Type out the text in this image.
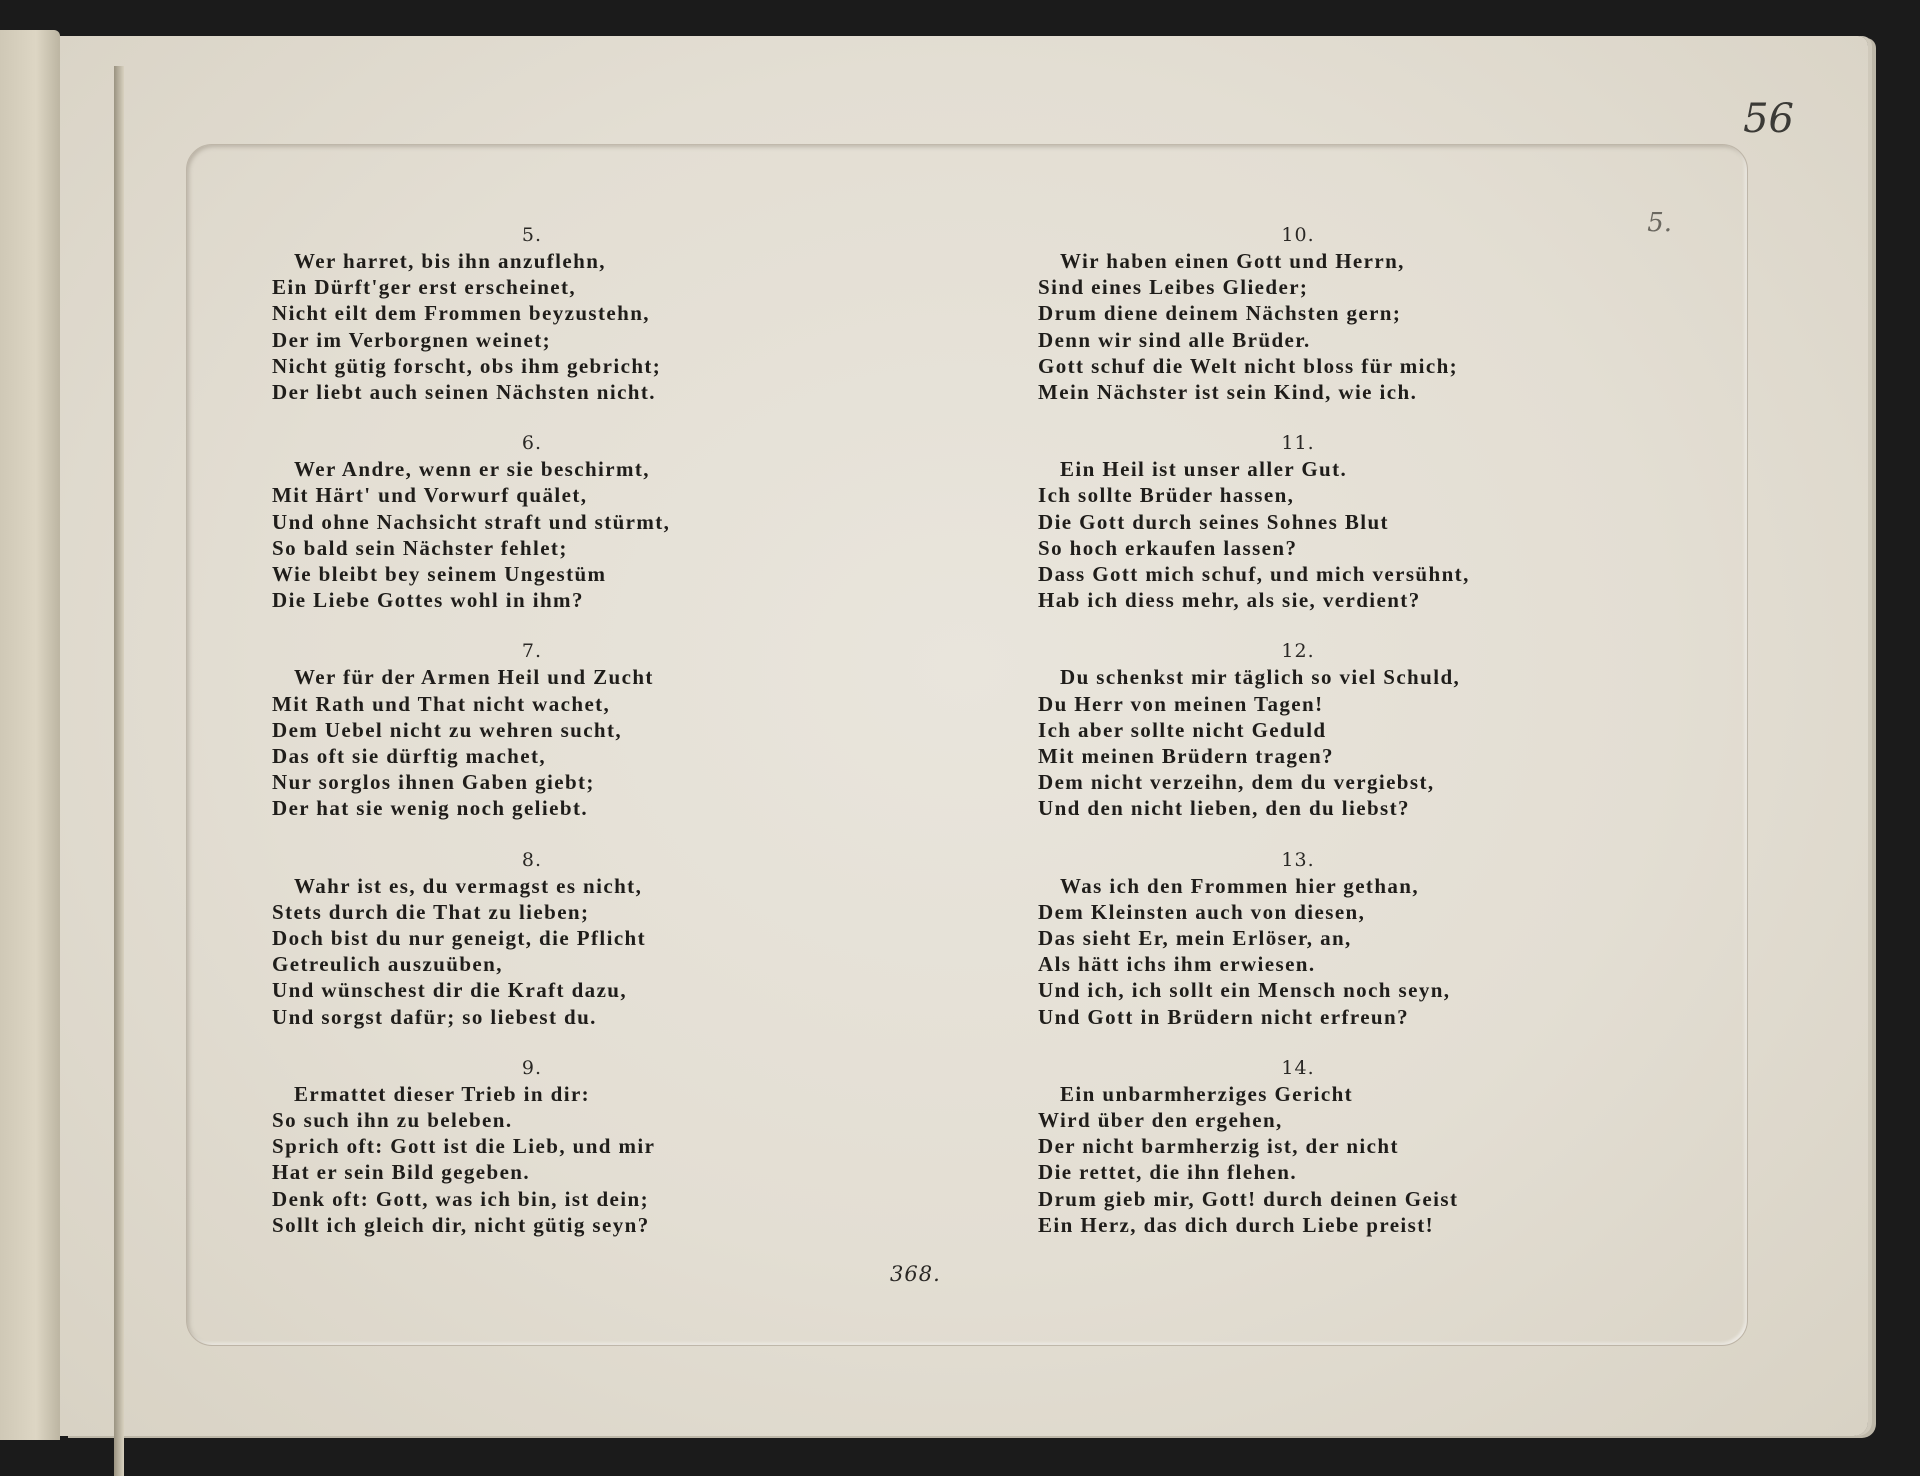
56
5.
5.
Wer harret, bis ihn anzuflehn,
Ein Dürft'ger erst erscheinet,
Nicht eilt dem Frommen beyzustehn,
Der im Verborgnen weinet;
Nicht gütig forscht, obs ihm gebricht;
Der liebt auch seinen Nächsten nicht.
6.
Wer Andre, wenn er sie beschirmt,
Mit Härt' und Vorwurf quälet,
Und ohne Nachsicht straft und stürmt,
So bald sein Nächster fehlet;
Wie bleibt bey seinem Ungestüm
Die Liebe Gottes wohl in ihm?
7.
Wer für der Armen Heil und Zucht
Mit Rath und That nicht wachet,
Dem Uebel nicht zu wehren sucht,
Das oft sie dürftig machet,
Nur sorglos ihnen Gaben giebt;
Der hat sie wenig noch geliebt.
8.
Wahr ist es, du vermagst es nicht,
Stets durch die That zu lieben;
Doch bist du nur geneigt, die Pflicht
Getreulich auszuüben,
Und wünschest dir die Kraft dazu,
Und sorgst dafür; so liebest du.
9.
Ermattet dieser Trieb in dir:
So such ihn zu beleben.
Sprich oft: Gott ist die Lieb, und mir
Hat er sein Bild gegeben.
Denk oft: Gott, was ich bin, ist dein;
Sollt ich gleich dir, nicht gütig seyn?
10.
Wir haben einen Gott und Herrn,
Sind eines Leibes Glieder;
Drum diene deinem Nächsten gern;
Denn wir sind alle Brüder.
Gott schuf die Welt nicht bloss für mich;
Mein Nächster ist sein Kind, wie ich.
11.
Ein Heil ist unser aller Gut.
Ich sollte Brüder hassen,
Die Gott durch seines Sohnes Blut
So hoch erkaufen lassen?
Dass Gott mich schuf, und mich versühnt,
Hab ich diess mehr, als sie, verdient?
12.
Du schenkst mir täglich so viel Schuld,
Du Herr von meinen Tagen!
Ich aber sollte nicht Geduld
Mit meinen Brüdern tragen?
Dem nicht verzeihn, dem du vergiebst,
Und den nicht lieben, den du liebst?
13.
Was ich den Frommen hier gethan,
Dem Kleinsten auch von diesen,
Das sieht Er, mein Erlöser, an,
Als hätt ichs ihm erwiesen.
Und ich, ich sollt ein Mensch noch seyn,
Und Gott in Brüdern nicht erfreun?
14.
Ein unbarmherziges Gericht
Wird über den ergehen,
Der nicht barmherzig ist, der nicht
Die rettet, die ihn flehen.
Drum gieb mir, Gott! durch deinen Geist
Ein Herz, das dich durch Liebe preist!
368.
